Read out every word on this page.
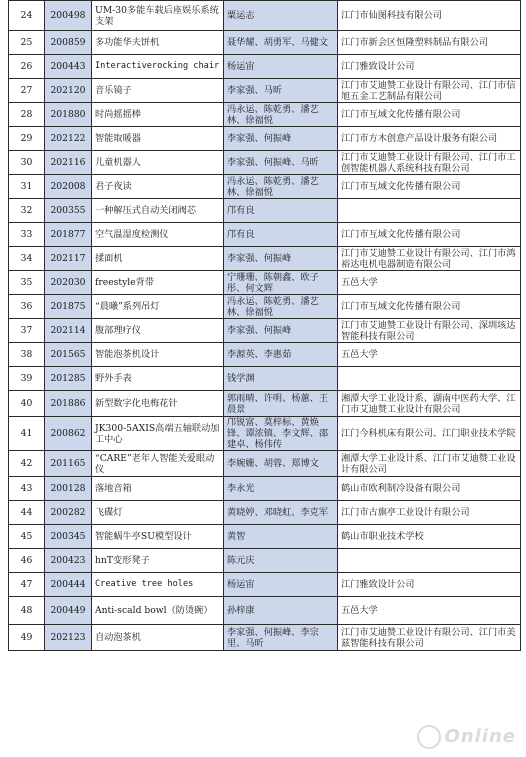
24	200498	UM-30多能车载后座娱乐系统支架	粟运志	江门市仙图科技有限公司
25	200859	多功能华夫饼机	聂华耀、胡勇军、马健文	江门市新会区恒隆塑料制品有限公司
26	200443	Interactiverocking chair	杨运宙	江门雅致设计公司
27	202120	音乐镜子	李家强、马昕	江门市艾迪赞工业设计有限公司、江门市信旭五金工艺制品有限公司
28	201880	时尚摇摇棒	冯永运、陈乾勇、潘艺林、徐福悦	江门市互域文化传播有限公司
29	202122	智能取暖器	李家强、何振峰	江门市方木创意产品设计服务有限公司
30	202116	儿童机器人	李家强、何振峰、马昕	江门市艾迪赞工业设计有限公司、江门市工创智能机器人系统科技有限公司
31	202008	君子夜读	冯永运、陈乾勇、潘艺林、徐福悦	江门市互域文化传播有限公司
32	200355	一种解压式自动关闭阀芯	邝有良	
33	201877	空气温湿度检测仪	邝有良	江门市互域文化传播有限公司
34	202117	揉面机	李家强、何振峰	江门市艾迪赞工业设计有限公司、江门市鸿裕达电机电器制造有限公司
35	202030	freestyle背带	宁珊珊、陈朝鑫、欧子彤、何文辉	五邑大学
36	201875	“晨曦”系列吊灯	冯永运、陈乾勇、潘艺林、徐福悦	江门市互域文化传播有限公司
37	202114	腹部理疗仪	李家强、何振峰	江门市艾迪赞工业设计有限公司、深圳垓达智能科技有限公司
38	201565	智能泡茶机设计	李源英、李惠茹	五邑大学
39	201285	野外手表	钱学渊	
40	201886	新型数字化电梅花针	郭雨晴、许明、杨蕙、王晨景	湘潭大学工业设计系、湖南中医药大学、江门市艾迪赞工业设计有限公司
41	200862	JK300-5AXIS高端五轴联动加工中心	邝锐富、莫梓标、黄焕锋、谭浓镇、李文辉、邵建卓、杨伟传	江门今科机床有限公司、江门职业技术学院
42	201165	“CARE”老年人智能关爱眼动仪	李婉姗、胡蓉、郑博文	湘潭大学工业设计系、江门市艾迪赞工业设计有限公司
43	200128	落地音箱	李永光	鹤山市欧利制冷设备有限公司
44	200282	飞碟灯	黄晓婷、邓晓虹、李克军	江门市古旗亭工业设计有限公司
45	200345	智能蜗牛亭SU模型设计	黄智	鹤山市职业技术学校
46	200423	hnT变形凳子	陈元庆	
47	200444	Creative tree holes	杨运宙	江门雅致设计公司
48	200449	Anti-scald bowl（防烫碗）	孙梓康	五邑大学
49	202123	自动泡茶机	李家强、何振峰、李宗里、马昕	江门市艾迪赞工业设计有限公司、江门市美兹智能科技有限公司
Online
